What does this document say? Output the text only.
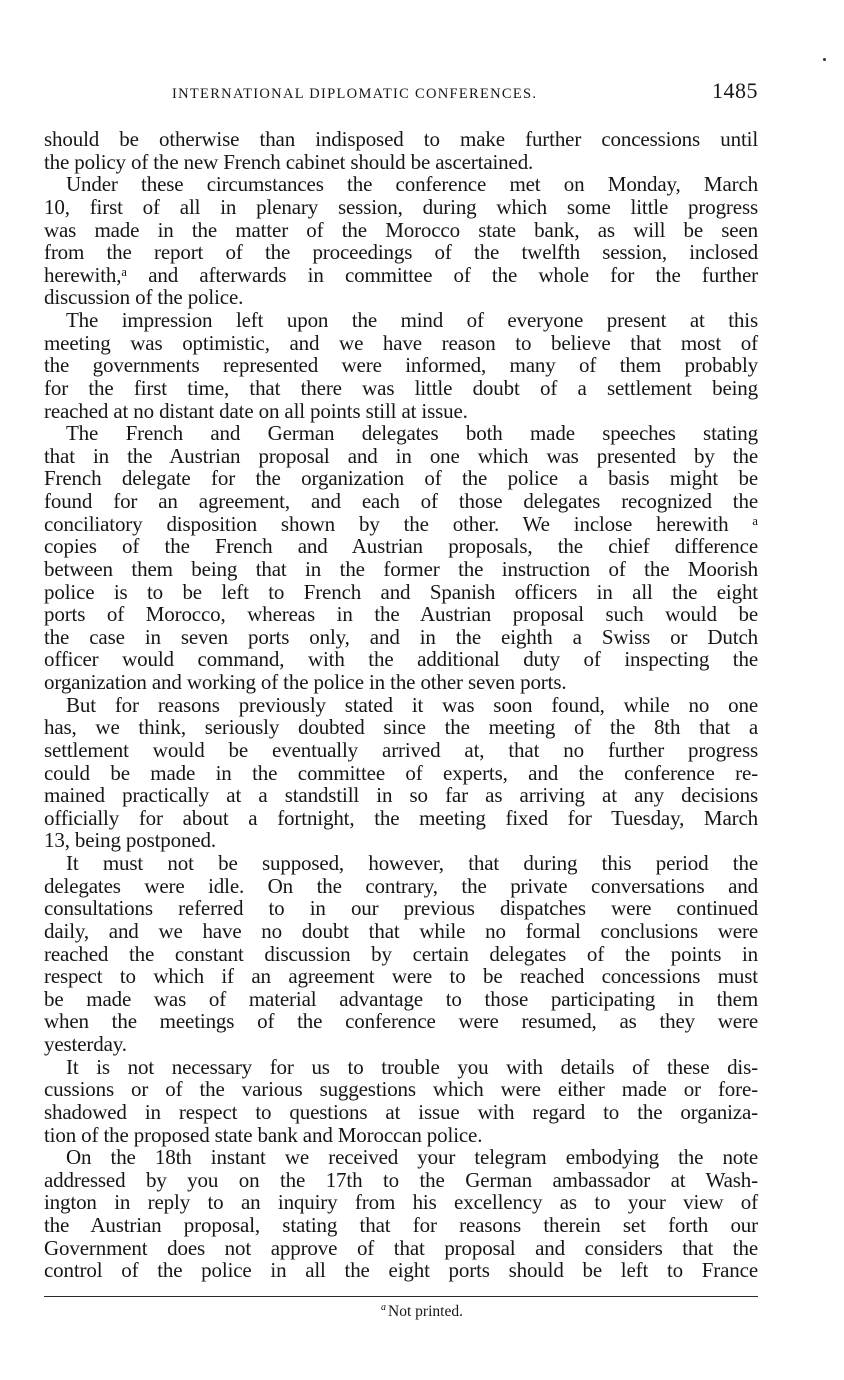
INTERNATIONAL DIPLOMATIC CONFERENCES.	1485
should be otherwise than indisposed to make further concessions until
the policy of the new French cabinet should be ascertained.
Under these circumstances the conference met on Monday, March
10, first of all in plenary session, during which some little progress
was made in the matter of the Morocco state bank, as will be seen
from the report of the proceedings of the twelfth session, inclosed
herewith,ᵃ and afterwards in committee of the whole for the further
discussion of the police.
The impression left upon the mind of everyone present at this
meeting was optimistic, and we have reason to believe that most of
the governments represented were informed, many of them probably
for the first time, that there was little doubt of a settlement being
reached at no distant date on all points still at issue.
The French and German delegates both made speeches stating
that in the Austrian proposal and in one which was presented by the
French delegate for the organization of the police a basis might be
found for an agreement, and each of those delegates recognized the
conciliatory disposition shown by the other. We inclose herewith ᵃ
copies of the French and Austrian proposals, the chief difference
between them being that in the former the instruction of the Moorish
police is to be left to French and Spanish officers in all the eight
ports of Morocco, whereas in the Austrian proposal such would be
the case in seven ports only, and in the eighth a Swiss or Dutch
officer would command, with the additional duty of inspecting the
organization and working of the police in the other seven ports.
But for reasons previously stated it was soon found, while no one
has, we think, seriously doubted since the meeting of the 8th that a
settlement would be eventually arrived at, that no further progress
could be made in the committee of experts, and the conference re-
mained practically at a standstill in so far as arriving at any decisions
officially for about a fortnight, the meeting fixed for Tuesday, March
13, being postponed.
It must not be supposed, however, that during this period the
delegates were idle. On the contrary, the private conversations and
consultations referred to in our previous dispatches were continued
daily, and we have no doubt that while no formal conclusions were
reached the constant discussion by certain delegates of the points in
respect to which if an agreement were to be reached concessions must
be made was of material advantage to those participating in them
when the meetings of the conference were resumed, as they were
yesterday.
It is not necessary for us to trouble you with details of these dis-
cussions or of the various suggestions which were either made or fore-
shadowed in respect to questions at issue with regard to the organiza-
tion of the proposed state bank and Moroccan police.
On the 18th instant we received your telegram embodying the note
addressed by you on the 17th to the German ambassador at Wash-
ington in reply to an inquiry from his excellency as to your view of
the Austrian proposal, stating that for reasons therein set forth our
Government does not approve of that proposal and considers that the
control of the police in all the eight ports should be left to France
$^a$ Not printed.
